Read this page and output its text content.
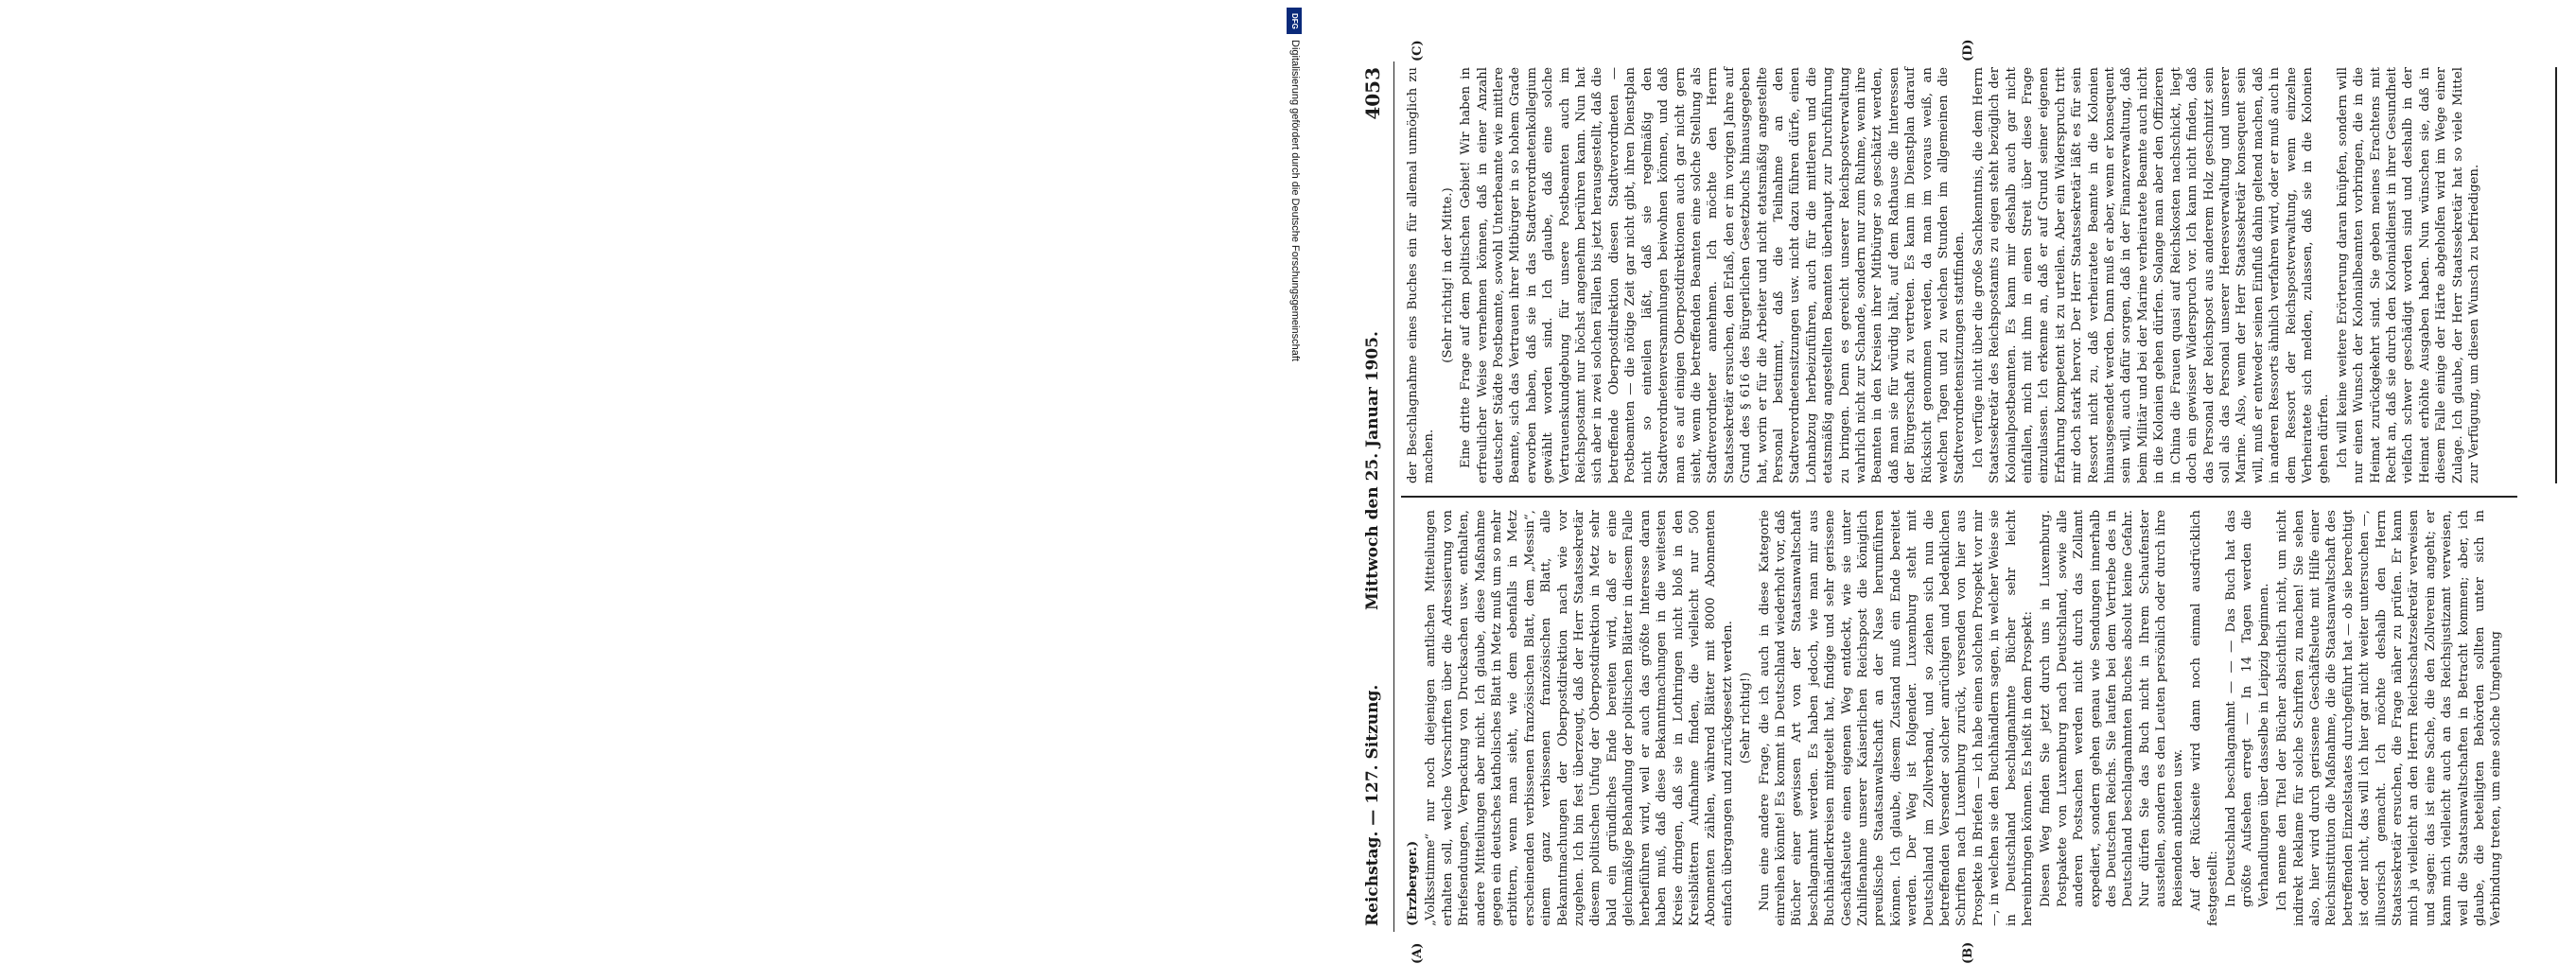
Reichstag. — 127. Sitzung.
Mittwoch den 25. Januar 1905.
4053
(A)	(B)
(C)	(D)

(Erzberger.) „Volksstimme“ nur noch diejenigen amtlichen Mitteilungen erhalten soll, welche Vorschriften über die Adressierung von Briefsendungen, Verpackung von Drucksachen usw. enthalten, andere Mitteilungen aber nicht. Ich glaube, diese Maßnahme gegen ein deutsches katholisches Blatt in Metz muß um so mehr erbittern, wenn man sieht, wie dem ebenfalls in Metz erscheinenden verbissenen französischen Blatt, dem „Messin“, einem ganz verbissenen französischen Blatt, alle Bekanntmachungen der Oberpostdirektion nach wie vor zugehen. Ich bin fest überzeugt, daß der Herr Staatssekretär diesem politischen Unfug der Oberpostdirektion in Metz sehr bald ein gründliches Ende bereiten wird, daß er eine gleichmäßige Behandlung der politischen Blätter in diesem Falle herbeiführen wird, weil er auch das größte Interesse daran haben muß, daß diese Bekanntmachungen in die weitesten Kreise dringen, daß sie in Lothringen nicht bloß in den Kreisblättern Aufnahme finden, die vielleicht nur 500 Abonnenten zählen, während Blätter mit 8000 Abonnenten einfach übergangen und zurückgesetzt werden. (Sehr richtig!) Nun eine andere Frage, die ich auch in diese Kategorie einreihen könnte! Es kommt in Deutschland wiederholt vor, daß Bücher einer gewissen Art von der Staatsanwaltschaft beschlagnahmt werden. Es haben jedoch, wie man mir aus Buchhändlerkreisen mitgeteilt hat, findige und sehr gerissene Geschäftsleute einen eigenen Weg entdeckt, wie sie unter Zuhilfenahme unserer Kaiserlichen Reichspost die königlich preußische Staatsanwaltschaft an der Nase herumführen können. Ich glaube, diesem Zustand muß ein Ende bereitet werden. Der Weg ist folgender. Luxemburg steht mit Deutschland im Zollverband, und so ziehen sich nun die betreffenden Versender solcher anrüchigen und bedenklichen Schriften nach Luxemburg zurück, versenden von hier aus Prospekte in Briefen — ich habe einen solchen Prospekt vor mir —, in welchen sie den Buchhändlern sagen, in welcher Weise sie in Deutschland beschlagnahmte Bücher sehr leicht hereinbringen können. Es heißt in dem Prospekt: Diesen Weg finden Sie jetzt durch uns in Luxemburg. Postpakete von Luxemburg nach Deutschland, sowie alle anderen Postsachen werden nicht durch das Zollamt expediert, sondern gehen genau wie Sendungen innerhalb des Deutschen Reichs. Sie laufen bei dem Vertriebe des in Deutschland beschlagnahmten Buches absolut keine Gefahr. Nur dürfen Sie das Buch nicht in Ihrem Schaufenster ausstellen, sondern es den Leuten persönlich oder durch ihre Reisenden anbieten usw. Auf der Rückseite wird dann noch einmal ausdrücklich festgestellt: In Deutschland beschlagnahmt — — — Das Buch hat das größte Aufsehen erregt — In 14 Tagen werden die Verhandlungen über dasselbe in Leipzig beginnen. Ich nenne den Titel der Bücher absichtlich nicht, um nicht indirekt Reklame für solche Schriften zu machen! Sie sehen also, hier wird durch gerissene Geschäftsleute mit Hilfe einer Reichsinstitution die Maßnahme, die die Staatsanwaltschaft des betreffenden Einzelstaates durchgeführt hat — ob sie berechtigt ist oder nicht, das will ich hier gar nicht weiter untersuchen —, illusorisch gemacht. Ich möchte deshalb den Herrn Staatssekretär ersuchen, die Frage näher zu prüfen. Er kann mich ja vielleicht an den Herrn Reichsschatzsekretär verweisen und sagen: das ist eine Sache, die den Zollverein angeht; er kann mich vielleicht auch an das Reichsjustizamt verweisen, weil die Staatsanwaltschaften in Betracht kommen; aber, ich glaube, die beteiligten Behörden sollten unter sich in Verbindung treten, um eine solche Umgehung

der Beschlagnahme eines Buches ein für allemal unmöglich zu machen.

(Sehr richtig! in der Mitte.) Eine dritte Frage auf dem politischen Gebiet! Wir haben in erfreulicher Weise vernehmen können, daß in einer Anzahl deutscher Städte Postbeamte, sowohl Unterbeamte wie mittlere Beamte, sich das Vertrauen ihrer Mitbürger in so hohem Grade erworben haben, daß sie in das Stadtverordnetenkollegium gewählt worden sind. Ich glaube, daß eine solche Vertrauenskundgebung für unsere Postbeamten auch im Reichspostamt nur höchst angenehm berühren kann. Nun hat sich aber in zwei solchen Fällen bis jetzt herausgestellt, daß die betreffende Oberpostdirektion diesen Stadtverordneten — Postbeamten — die nötige Zeit gar nicht gibt, ihren Dienstplan nicht so einteilen läßt, daß sie regelmäßig den Stadtverordnetenversammlungen beiwohnen können, und daß man es auf einigen Oberpostdirektionen auch gar nicht gern sieht, wenn die betreffenden Beamten eine solche Stellung als Stadtverordneter annehmen. Ich möchte den Herrn Staatssekretär ersuchen, den Erlaß, den er im vorigen Jahre auf Grund des § 616 des Bürgerlichen Gesetzbuchs hinausgegeben hat, worin er für die Arbeiter und nicht etatsmäßig angestellte Personal bestimmt, daß die Teilnahme an den Stadtverordnetensitzungen usw. nicht dazu führen dürfe, einen Lohnabzug herbeizuführen, auch für die mittleren und die etatsmäßig angestellten Beamten überhaupt zur Durchführung zu bringen. Denn es gereicht unserer Reichspostverwaltung wahrlich nicht zur Schande, sondern nur zum Ruhme, wenn ihre Beamten in den Kreisen ihrer Mitbürger so geschätzt werden, daß man sie für würdig hält, auf dem Rathause die Interessen der Bürgerschaft zu vertreten. Es kann im Dienstplan darauf Rücksicht genommen werden, da man im voraus weiß, an welchen Tagen und zu welchen Stunden im allgemeinen die Stadtverordnetensitzungen stattfinden. Ich verfüge nicht über die große Sachkenntnis, die dem Herrn Staatssekretär des Reichspostamts zu eigen steht bezüglich der Kolonialpostbeamten. Es kann mir deshalb auch gar nicht einfallen, mich mit ihm in einen Streit über diese Frage einzulassen. Ich erkenne an, daß er auf Grund seiner eigenen Erfahrung kompetent ist zu urteilen. Aber ein Widerspruch tritt mir doch stark hervor. Der Herr Staatssekretär läßt es für sein Ressort nicht zu, daß verheiratete Beamte in die Kolonien hinausgesendet werden. Dann muß er aber, wenn er konsequent sein will, auch dafür sorgen, daß in der Finanzverwaltung, daß beim Militär und bei der Marine verheiratete Beamte auch nicht in die Kolonien gehen dürfen. Solange man aber den Offizieren in China die Frauen quasi auf Reichskosten nachschickt, liegt doch ein gewisser Widerspruch vor. Ich kann nicht finden, daß das Personal der Reichspost aus anderem Holz geschnitzt sein soll als das Personal unserer Heeresverwaltung und unserer Marine. Also, wenn der Herr Staatssekretär konsequent sein will, muß er entweder seinen Einfluß dahin geltend machen, daß in anderen Ressorts ähnlich verfahren wird, oder er muß auch in dem Ressort der Reichspostverwaltung, wenn einzelne Verheiratete sich melden, zulassen, daß sie in die Kolonien gehen dürfen. Ich will keine weitere Erörterung daran knüpfen, sondern will nur einen Wunsch der Kolonialbeamten vorbringen, die in die Heimat zurückgekehrt sind. Sie geben meines Erachtens mit Recht an, daß sie durch den Kolonialdienst in ihrer Gesundheit vielfach schwer geschädigt worden sind und deshalb in der Heimat erhöhte Ausgaben haben. Nun wünschen sie, daß in diesem Falle einige der Härte abgeholfen wird im Wege einer Zulage. Ich glaube, der Herr Staatssekretär hat so viele Mittel zur Verfügung, um diesen Wunsch zu befriedigen.

DFG
Digitalisierung gefördert durch die Deutsche Forschungsgemeinschaft
